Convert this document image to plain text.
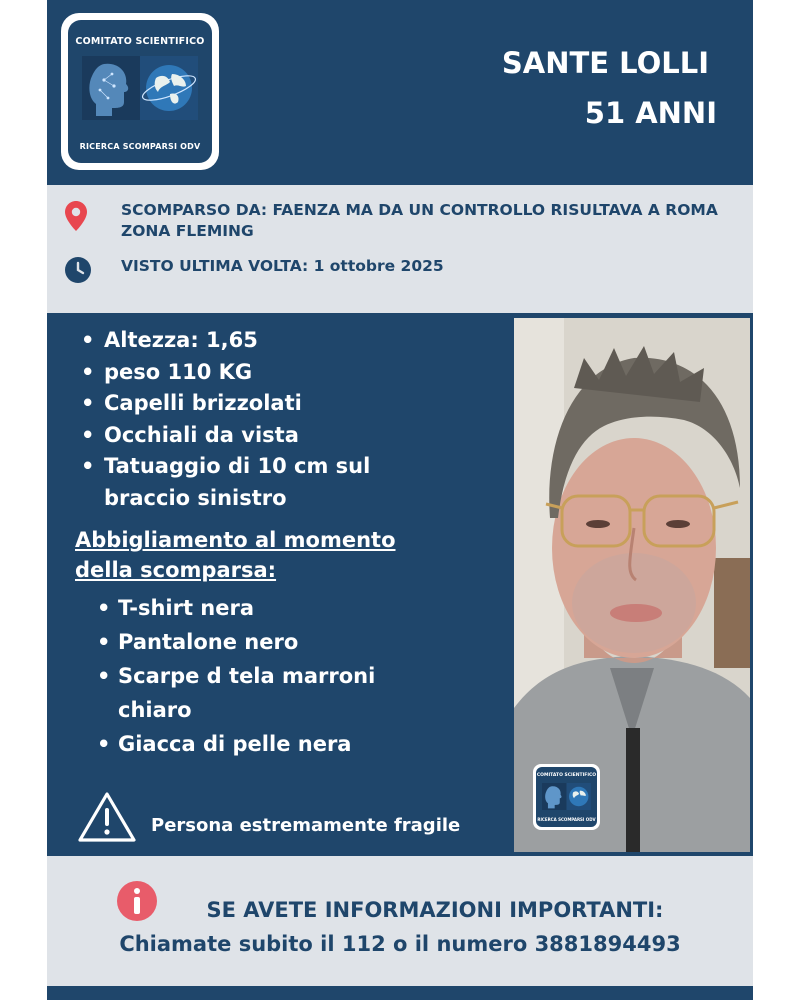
COMITATO SCIENTIFICO
RICERCA SCOMPARSI ODV
SANTE LOLLI
51 ANNI
SCOMPARSO DA: FAENZA MA DA UN CONTROLLO RISULTAVA A ROMA ZONA FLEMING
VISTO ULTIMA VOLTA: 1 ottobre 2025
• Altezza: 1,65
• peso 110 KG
• Capelli brizzolati
• Occhiali da vista
• Tatuaggio di 10 cm sul braccio sinistro
Abbigliamento al momento della scomparsa:
• T-shirt nera
• Pantalone nero
• Scarpe d tela marroni chiaro
• Giacca di pelle nera
Persona estremamente fragile
COMITATO SCIENTIFICO
RICERCA SCOMPARSI ODV
SE AVETE INFORMAZIONI IMPORTANTI:
Chiamate subito il 112 o il numero 3881894493
